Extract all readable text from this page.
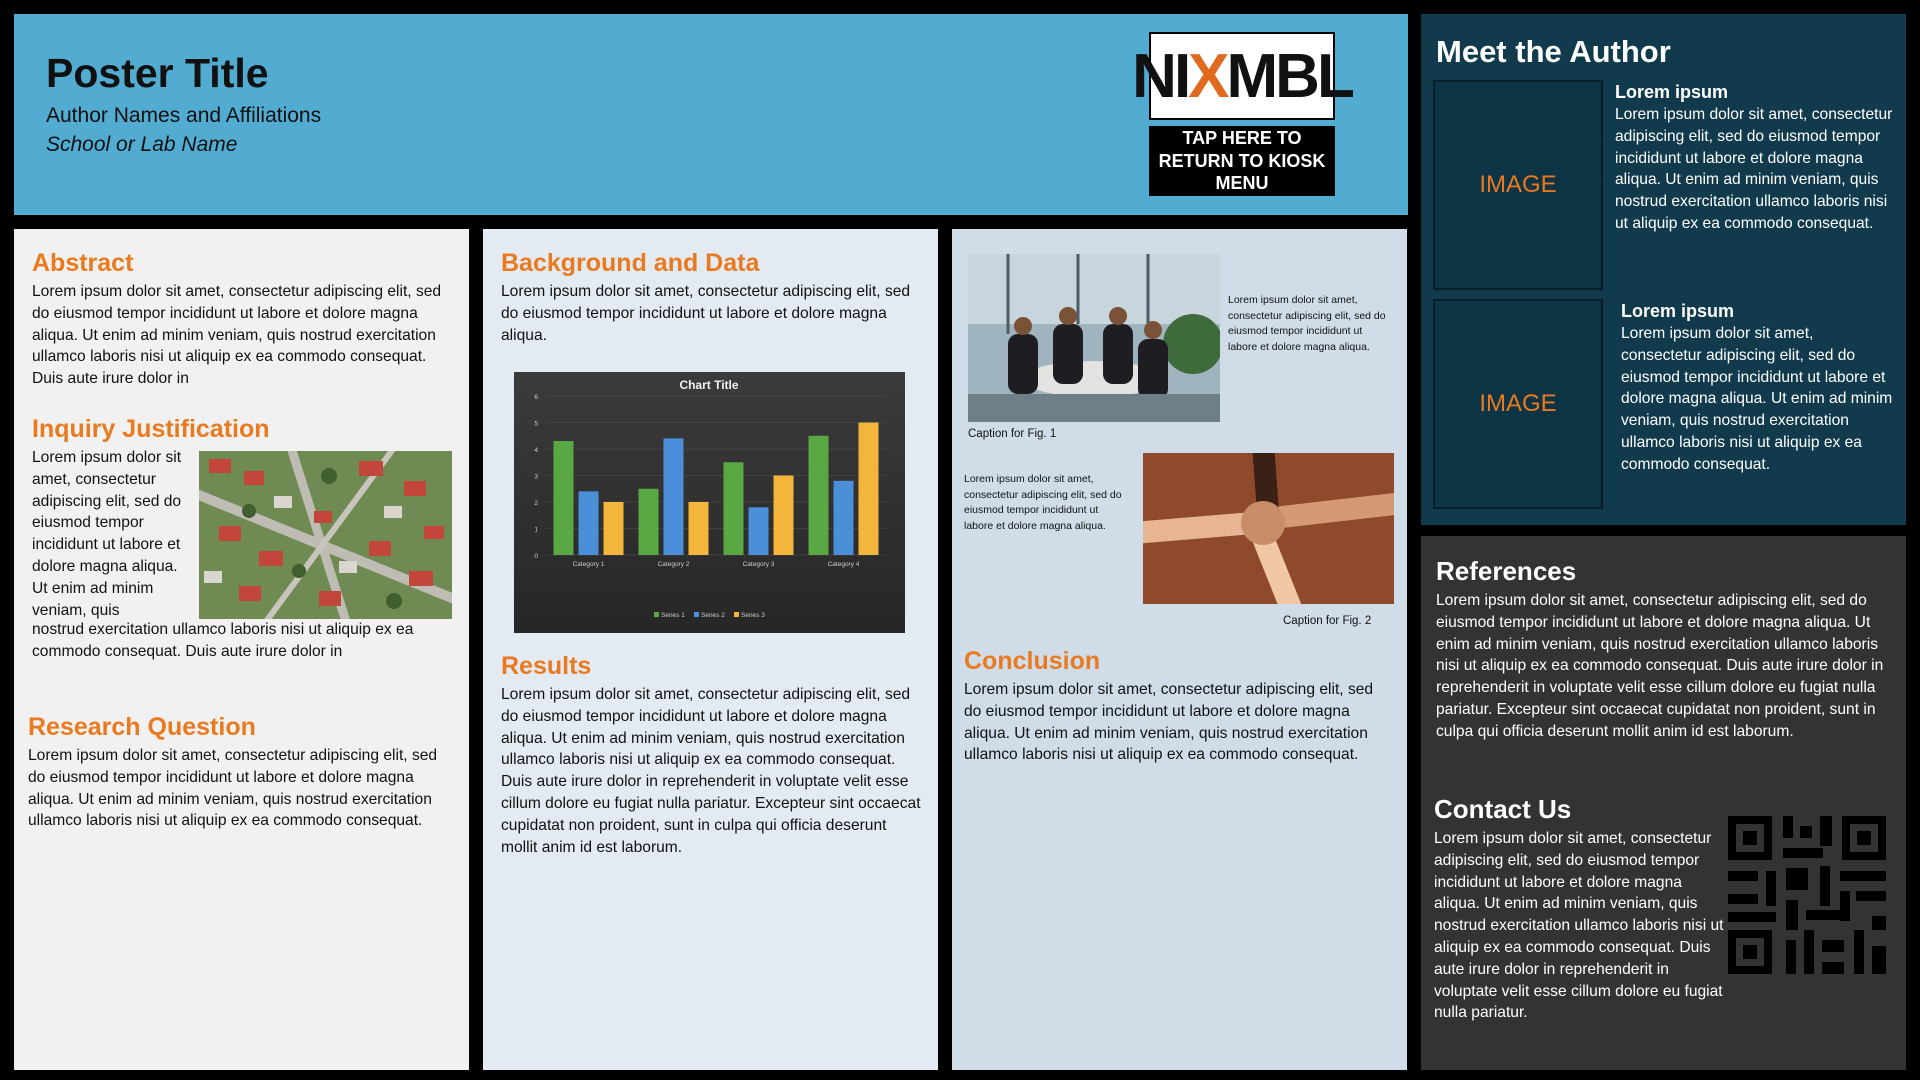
Poster Title
Author Names and Affiliations
School or Lab Name
NI X MBL
TAP HERE TO RETURN TO KIOSK MENU
Abstract

Lorem ipsum dolor sit amet, consectetur adipiscing elit, sed do eiusmod tempor incididunt ut labore et dolore magna aliqua. Ut enim ad minim veniam, quis nostrud exercitation ullamco laboris nisi ut aliquip ex ea commodo consequat. Duis aute irure dolor in

Inquiry Justification

Lorem ipsum dolor sit amet, consectetur adipiscing elit, sed do eiusmod tempor incididunt ut labore et dolore magna aliqua. Ut enim ad minim veniam, quis

nostrud exercitation ullamco laboris nisi ut aliquip ex ea commodo consequat. Duis aute irure dolor in

Research Question

Lorem ipsum dolor sit amet, consectetur adipiscing elit, sed do eiusmod tempor incididunt ut labore et dolore magna aliqua. Ut enim ad minim veniam, quis nostrud exercitation ullamco laboris nisi ut aliquip ex ea commodo consequat.

Background and Data

Lorem ipsum dolor sit amet, consectetur adipiscing elit, sed do eiusmod tempor incididunt ut labore et dolore magna aliqua.

Chart Title
0
1
2
3
4
5
6
Category 1	Category 2	Category 3	Category 4
Series 1 Series 2 Series 3
Results

Lorem ipsum dolor sit amet, consectetur adipiscing elit, sed do eiusmod tempor incididunt ut labore et dolore magna aliqua. Ut enim ad minim veniam, quis nostrud exercitation ullamco laboris nisi ut aliquip ex ea commodo consequat. Duis aute irure dolor in reprehenderit in voluptate velit esse cillum dolore eu fugiat nulla pariatur. Excepteur sint occaecat cupidatat non proident, sunt in culpa qui officia deserunt mollit anim id est laborum.

Lorem ipsum dolor sit amet, consectetur adipiscing elit, sed do eiusmod tempor incididunt ut labore et dolore magna aliqua.

Caption for Fig. 1

Lorem ipsum dolor sit amet, consectetur adipiscing elit, sed do eiusmod tempor incididunt ut labore et dolore magna aliqua.

Caption for Fig. 2
Conclusion

Lorem ipsum dolor sit amet, consectetur adipiscing elit, sed do eiusmod tempor incididunt ut labore et dolore magna aliqua. Ut enim ad minim veniam, quis nostrud exercitation ullamco laboris nisi ut aliquip ex ea commodo consequat.

Meet the Author
IMAGE
Lorem ipsum

Lorem ipsum dolor sit amet, consectetur adipiscing elit, sed do eiusmod tempor incididunt ut labore et dolore magna aliqua. Ut enim ad minim veniam, quis nostrud exercitation ullamco laboris nisi ut aliquip ex ea commodo consequat.

IMAGE
Lorem ipsum

Lorem ipsum dolor sit amet, consectetur adipiscing elit, sed do eiusmod tempor incididunt ut labore et dolore magna aliqua. Ut enim ad minim veniam, quis nostrud exercitation ullamco laboris nisi ut aliquip ex ea commodo consequat.

References

Lorem ipsum dolor sit amet, consectetur adipiscing elit, sed do eiusmod tempor incididunt ut labore et dolore magna aliqua. Ut enim ad minim veniam, quis nostrud exercitation ullamco laboris nisi ut aliquip ex ea commodo consequat. Duis aute irure dolor in reprehenderit in voluptate velit esse cillum dolore eu fugiat nulla pariatur. Excepteur sint occaecat cupidatat non proident, sunt in culpa qui officia deserunt mollit anim id est laborum.

Contact Us

Lorem ipsum dolor sit amet, consectetur adipiscing elit, sed do eiusmod tempor incididunt ut labore et dolore magna aliqua. Ut enim ad minim veniam, quis nostrud exercitation ullamco laboris nisi ut aliquip ex ea commodo consequat. Duis aute irure dolor in reprehenderit in voluptate velit esse cillum dolore eu fugiat nulla pariatur.
